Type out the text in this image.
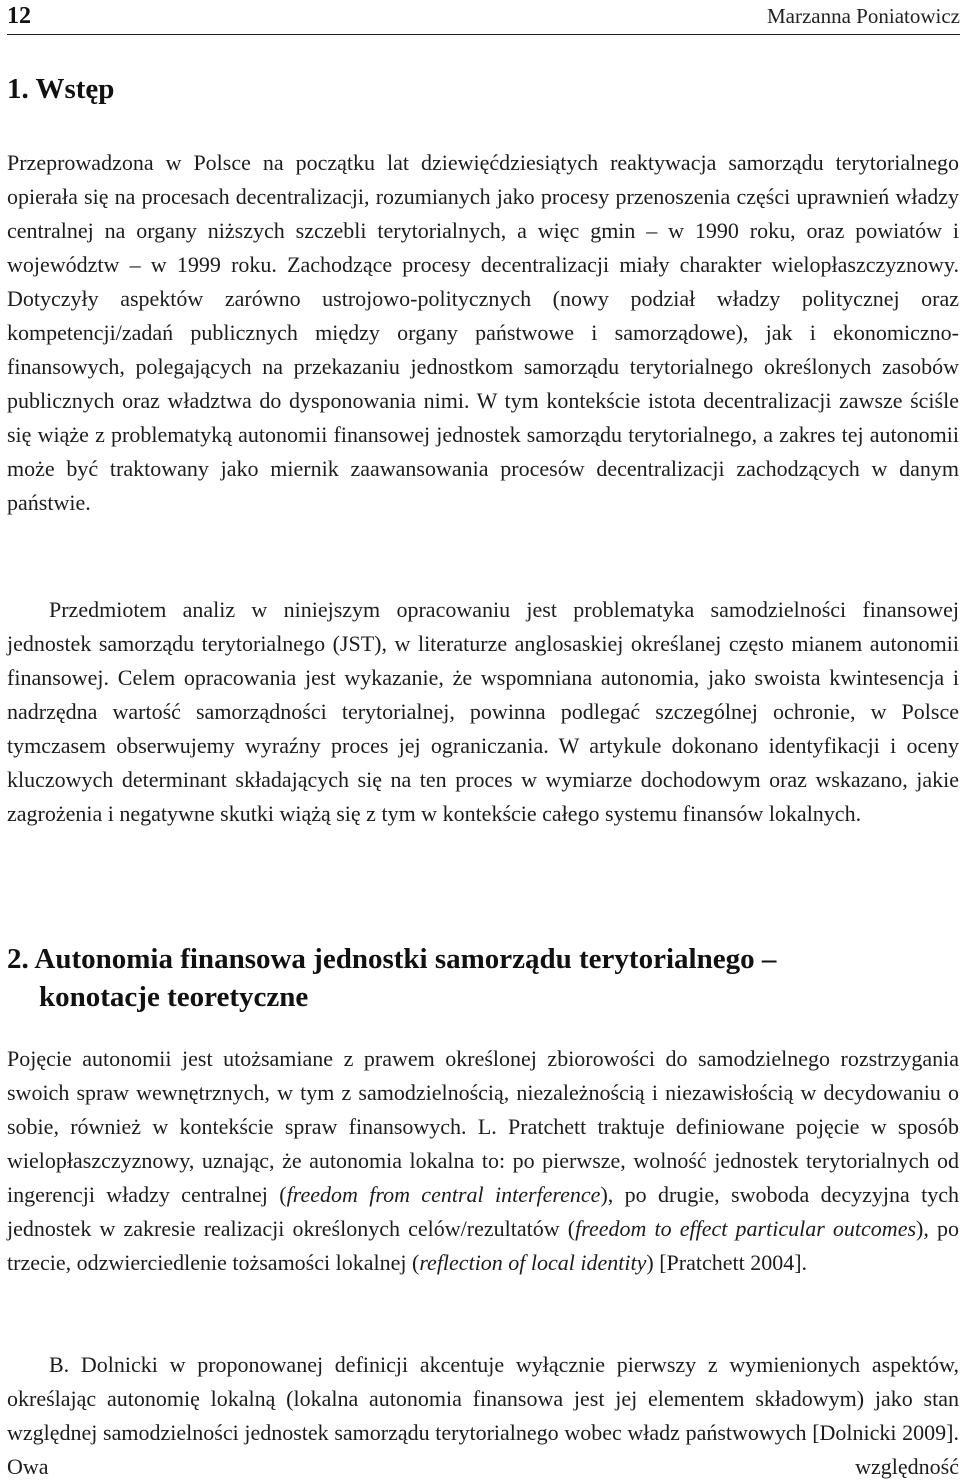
12	Marzanna Poniatowicz
1. Wstęp

Przeprowadzona w Polsce na początku lat dziewięćdziesiątych reaktywacja samorządu terytorialnego opierała się na procesach decentralizacji, rozumianych jako procesy przenoszenia części uprawnień władzy centralnej na organy niższych szczebli terytorialnych, a więc gmin – w 1990 roku, oraz powiatów i województw – w 1999 roku. Zachodzące procesy decentralizacji miały charakter wielopłaszczyznowy. Dotyczyły aspektów zarówno ustrojowo-politycznych (nowy podział władzy politycznej oraz kompetencji/zadań publicznych między organy państwowe i samorządowe), jak i ekonomiczno-finansowych, polegających na przekazaniu jednostkom samorządu terytorialnego określonych zasobów publicznych oraz władztwa do dysponowania nimi. W tym kontekście istota decentralizacji zawsze ściśle się wiąże z problematyką autonomii finansowej jednostek samorządu terytorialnego, a zakres tej autonomii może być traktowany jako miernik zaawansowania procesów decentralizacji zachodzących w danym państwie.

Przedmiotem analiz w niniejszym opracowaniu jest problematyka samodzielności finansowej jednostek samorządu terytorialnego (JST), w literaturze anglosaskiej określanej często mianem autonomii finansowej. Celem opracowania jest wykazanie, że wspomniana autonomia, jako swoista kwintesencja i nadrzędna wartość samorządności terytorialnej, powinna podlegać szczególnej ochronie, w Polsce tymczasem obserwujemy wyraźny proces jej ograniczania. W artykule dokonano identyfikacji i oceny kluczowych determinant składających się na ten proces w wymiarze dochodowym oraz wskazano, jakie zagrożenia i negatywne skutki wiążą się z tym w kontekście całego systemu finansów lokalnych.

2. Autonomia finansowa jednostki samorządu terytorialnego –
konotacje teoretyczne

Pojęcie autonomii jest utożsamiane z prawem określonej zbiorowości do samodzielnego rozstrzygania swoich spraw wewnętrznych, w tym z samodzielnością, niezależnością i niezawisłością w decydowaniu o sobie, również w kontekście spraw finansowych. L. Pratchett traktuje definiowane pojęcie w sposób wielopłaszczyznowy, uznając, że autonomia lokalna to: po pierwsze, wolność jednostek terytorialnych od ingerencji władzy centralnej (freedom from central interference), po drugie, swoboda decyzyjna tych jednostek w zakresie realizacji określonych celów/rezultatów (freedom to effect particular outcomes), po trzecie, odzwierciedlenie tożsamości lokalnej (reflection of local identity) [Pratchett 2004].

B. Dolnicki w proponowanej definicji akcentuje wyłącznie pierwszy z wymienionych aspektów, określając autonomię lokalną (lokalna autonomia finansowa jest jej elementem składowym) jako stan względnej samodzielności jednostek samorządu terytorialnego wobec władz państwowych [Dolnicki 2009]. Owa względność
